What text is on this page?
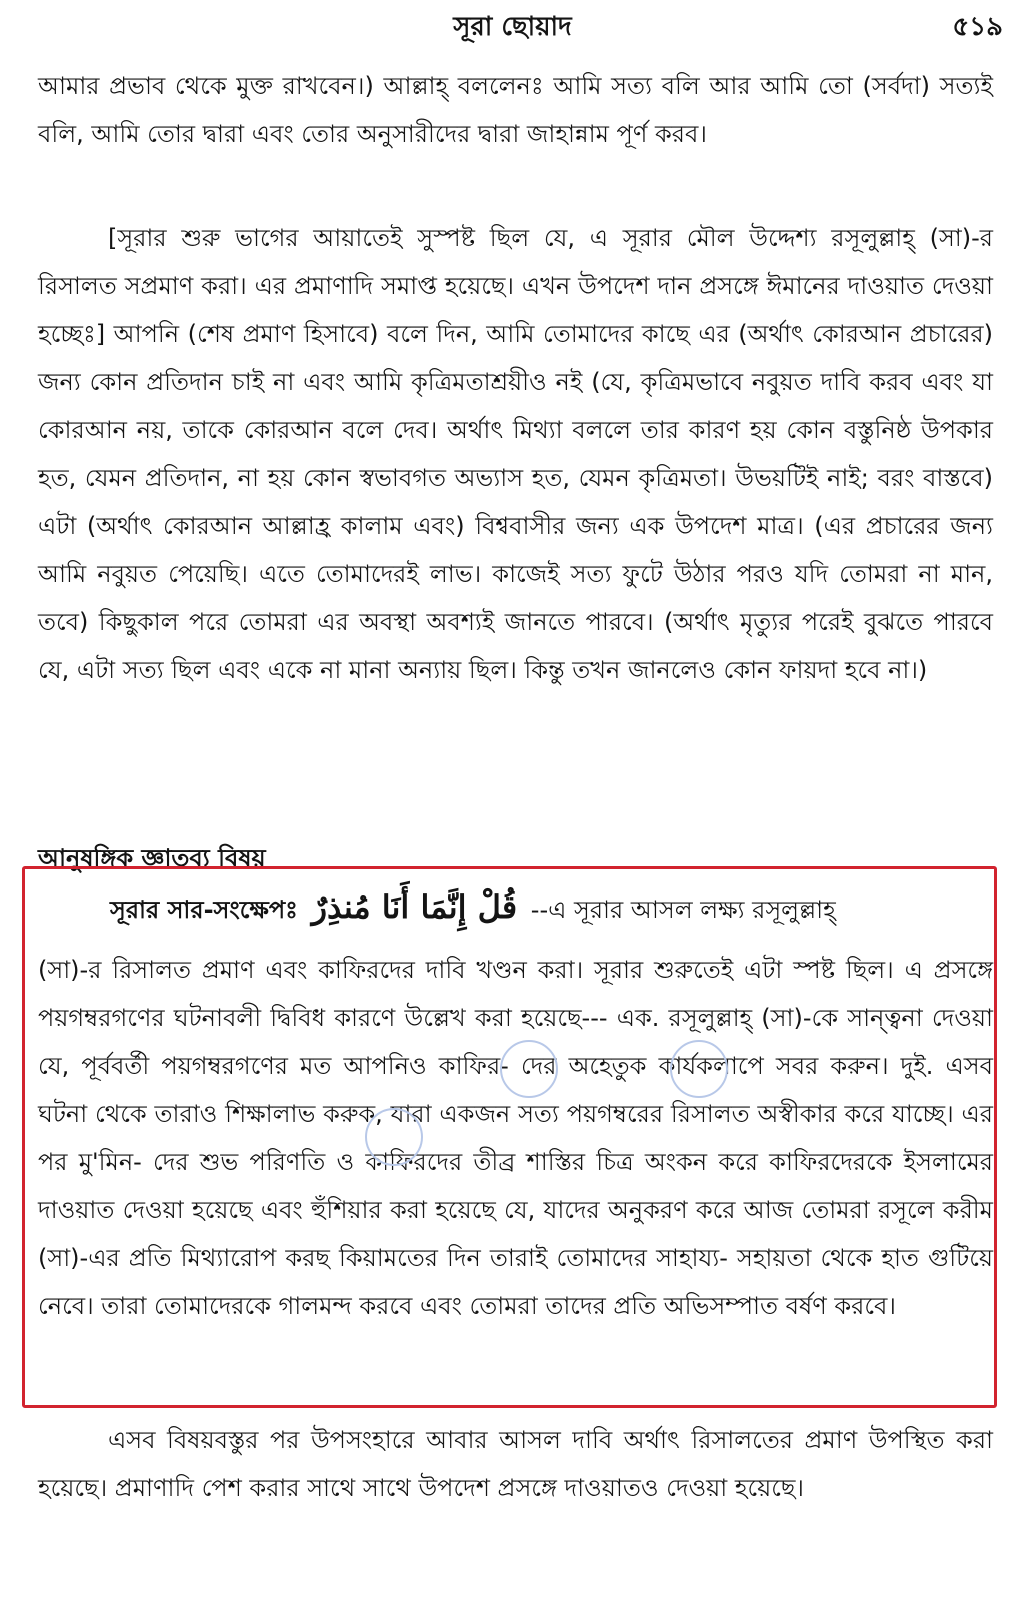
সূরা ছোয়াদ	৫১৯

আমার প্রভাব থেকে মুক্ত রাখবেন।) আল্লাহ্ বললেনঃ আমি সত্য বলি আর আমি তো (সর্বদা) সত্যই বলি, আমি তোর দ্বারা এবং তোর অনুসারীদের দ্বারা জাহান্নাম পূর্ণ করব।

[সূরার শুরু ভাগের আয়াতেই সুস্পষ্ট ছিল যে, এ সূরার মৌল উদ্দেশ্য রসূলুল্লাহ্ (সা)-র রিসালত সপ্রমাণ করা। এর প্রমাণাদি সমাপ্ত হয়েছে। এখন উপদেশ দান প্রসঙ্গে ঈমানের দাওয়াত দেওয়া হচ্ছেঃ] আপনি (শেষ প্রমাণ হিসাবে) বলে দিন, আমি তোমাদের কাছে এর (অর্থাৎ কোরআন প্রচারের) জন্য কোন প্রতিদান চাই না এবং আমি কৃত্রিমতাশ্রয়ীও নই (যে, কৃত্রিমভাবে নবুয়ত দাবি করব এবং যা কোরআন নয়, তাকে কোরআন বলে দেব। অর্থাৎ মিথ্যা বললে তার কারণ হয় কোন বস্তুনিষ্ঠ উপকার হত, যেমন প্রতিদান, না হয় কোন স্বভাবগত অভ্যাস হত, যেমন কৃত্রিমতা। উভয়টিই নাই; বরং বাস্তবে) এটা (অর্থাৎ কোরআন আল্লাহ্র কালাম এবং) বিশ্ববাসীর জন্য এক উপদেশ মাত্র। (এর প্রচারের জন্য আমি নবুয়ত পেয়েছি। এতে তোমাদেরই লাভ। কাজেই সত্য ফুটে উঠার পরও যদি তোমরা না মান, তবে) কিছুকাল পরে তোমরা এর অবস্থা অবশ্যই জানতে পারবে। (অর্থাৎ মৃত্যুর পরেই বুঝতে পারবে যে, এটা সত্য ছিল এবং একে না মানা অন্যায় ছিল। কিন্তু তখন জানলেও কোন ফায়দা হবে না।)

আনুষঙ্গিক জ্ঞাতব্য বিষয়
সূরার সার-সংক্ষেপঃ قُلْ إِنَّمَا أَنَا مُنذِرٌ --এ সূরার আসল লক্ষ্য রসূলুল্লাহ্

(সা)-র রিসালত প্রমাণ এবং কাফিরদের দাবি খণ্ডন করা। সূরার শুরুতেই এটা স্পষ্ট ছিল। এ প্রসঙ্গে পয়গম্বরগণের ঘটনাবলী দ্বিবিধ কারণে উল্লেখ করা হয়েছে--- এক. রসূলুল্লাহ্ (সা)-কে সান্ত্বনা দেওয়া যে, পূর্ববর্তী পয়গম্বরগণের মত আপনিও কাফির- দের অহেতুক কার্যকলাপে সবর করুন। দুই. এসব ঘটনা থেকে তারাও শিক্ষালাভ করুক, যারা একজন সত্য পয়গম্বরের রিসালত অস্বীকার করে যাচ্ছে। এর পর মু'মিন- দের শুভ পরিণতি ও কাফিরদের তীব্র শাস্তির চিত্র অংকন করে কাফিরদেরকে ইসলামের দাওয়াত দেওয়া হয়েছে এবং হুঁশিয়ার করা হয়েছে যে, যাদের অনুকরণ করে আজ তোমরা রসূলে করীম (সা)-এর প্রতি মিথ্যারোপ করছ কিয়ামতের দিন তারাই তোমাদের সাহায্য- সহায়তা থেকে হাত গুটিয়ে নেবে। তারা তোমাদেরকে গালমন্দ করবে এবং তোমরা তাদের প্রতি অভিসম্পাত বর্ষণ করবে।

এসব বিষয়বস্তুর পর উপসংহারে আবার আসল দাবি অর্থাৎ রিসালতের প্রমাণ উপস্থিত করা হয়েছে। প্রমাণাদি পেশ করার সাথে সাথে উপদেশ প্রসঙ্গে দাওয়াতও দেওয়া হয়েছে।
